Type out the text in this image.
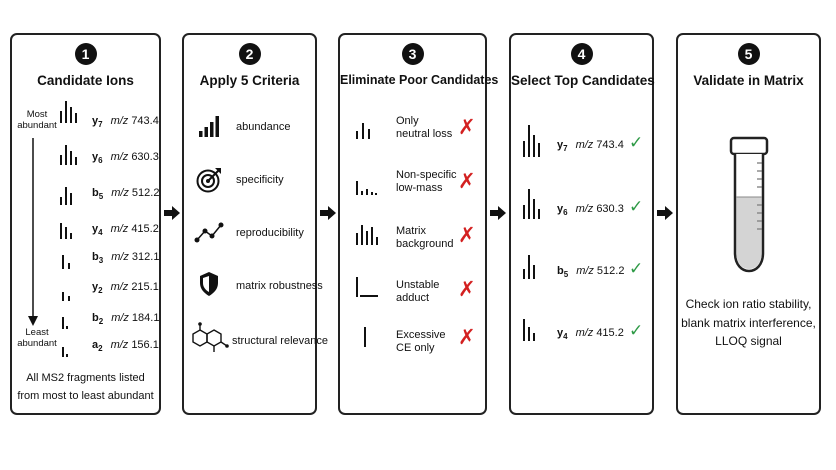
1
Candidate Ions
Most abundant
Least abundant
$y_7$ m/z 743.4
$y_6$ m/z 630.3
$b_5$ m/z 512.2
$y_4$ m/z 415.2
$b_3$ m/z 312.1
$y_2$ m/z 215.1
$b_2$ m/z 184.1
$a_2$ m/z 156.1
All MS2 fragments listed
from most to least abundant
2
Apply 5 Criteria
abundance
specificity
reproducibility
matrix robustness
structural relevance
3
Eliminate Poor Candidates
Only
neutral loss ✗
Non-specific
low-mass ✗
Matrix
background ✗
Unstable
adduct	✗
Excessive
CE only	✗
4
Select Top Candidates
$y_7$ m/z 743.4 ✓
$y_6$ m/z 630.3 ✓
$b_5$ m/z 512.2 ✓
$y_4$ m/z 415.2 ✓
5
Validate in Matrix
Check ion ratio stability,
blank matrix interference,
LLOQ signal
